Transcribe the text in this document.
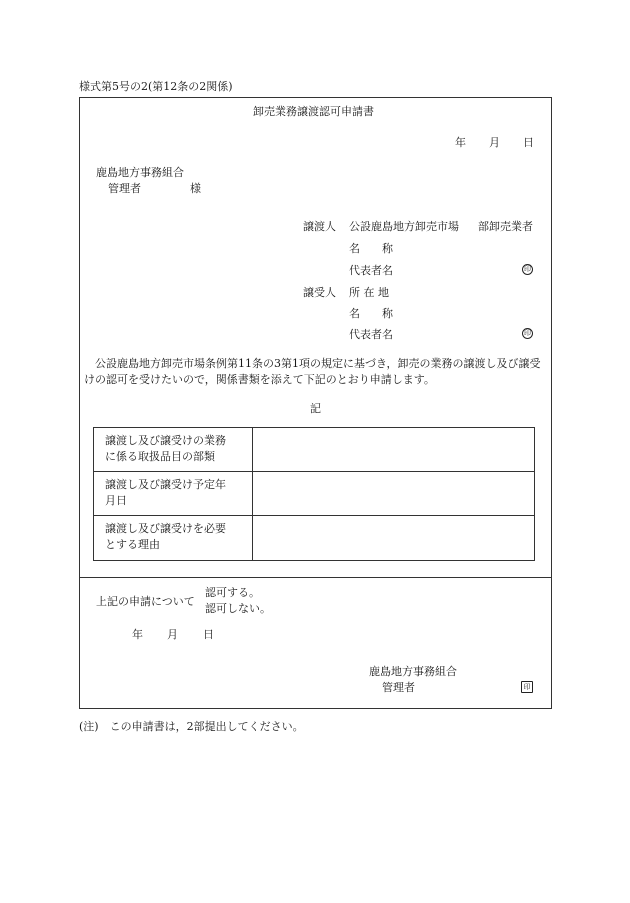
様式第5号の2(第12条の2関係)
卸売業務譲渡認可申請書
年 月 日
鹿島地方事務組合
管理者	様
譲渡人 公設鹿島地方卸売市場 部卸売業者
名　　称
代表者名	印
譲受人 所 在 地
名　　称
代表者名	印
公設鹿島地方卸売市場条例第11条の3第1項の規定に基づき，卸売の業務の譲渡し及び譲受けの認可を受けたいので，関係書類を添えて下記のとおり申請します。
記
譲渡し及び譲受けの業務
に係る取扱品目の部類
譲渡し及び譲受け予定年
月日
譲渡し及び譲受けを必要
とする理由
上記の申請について
認可する。
認可しない。
年 月 日
鹿島地方事務組合
管理者	印
(注)　この申請書は，2部提出してください。
